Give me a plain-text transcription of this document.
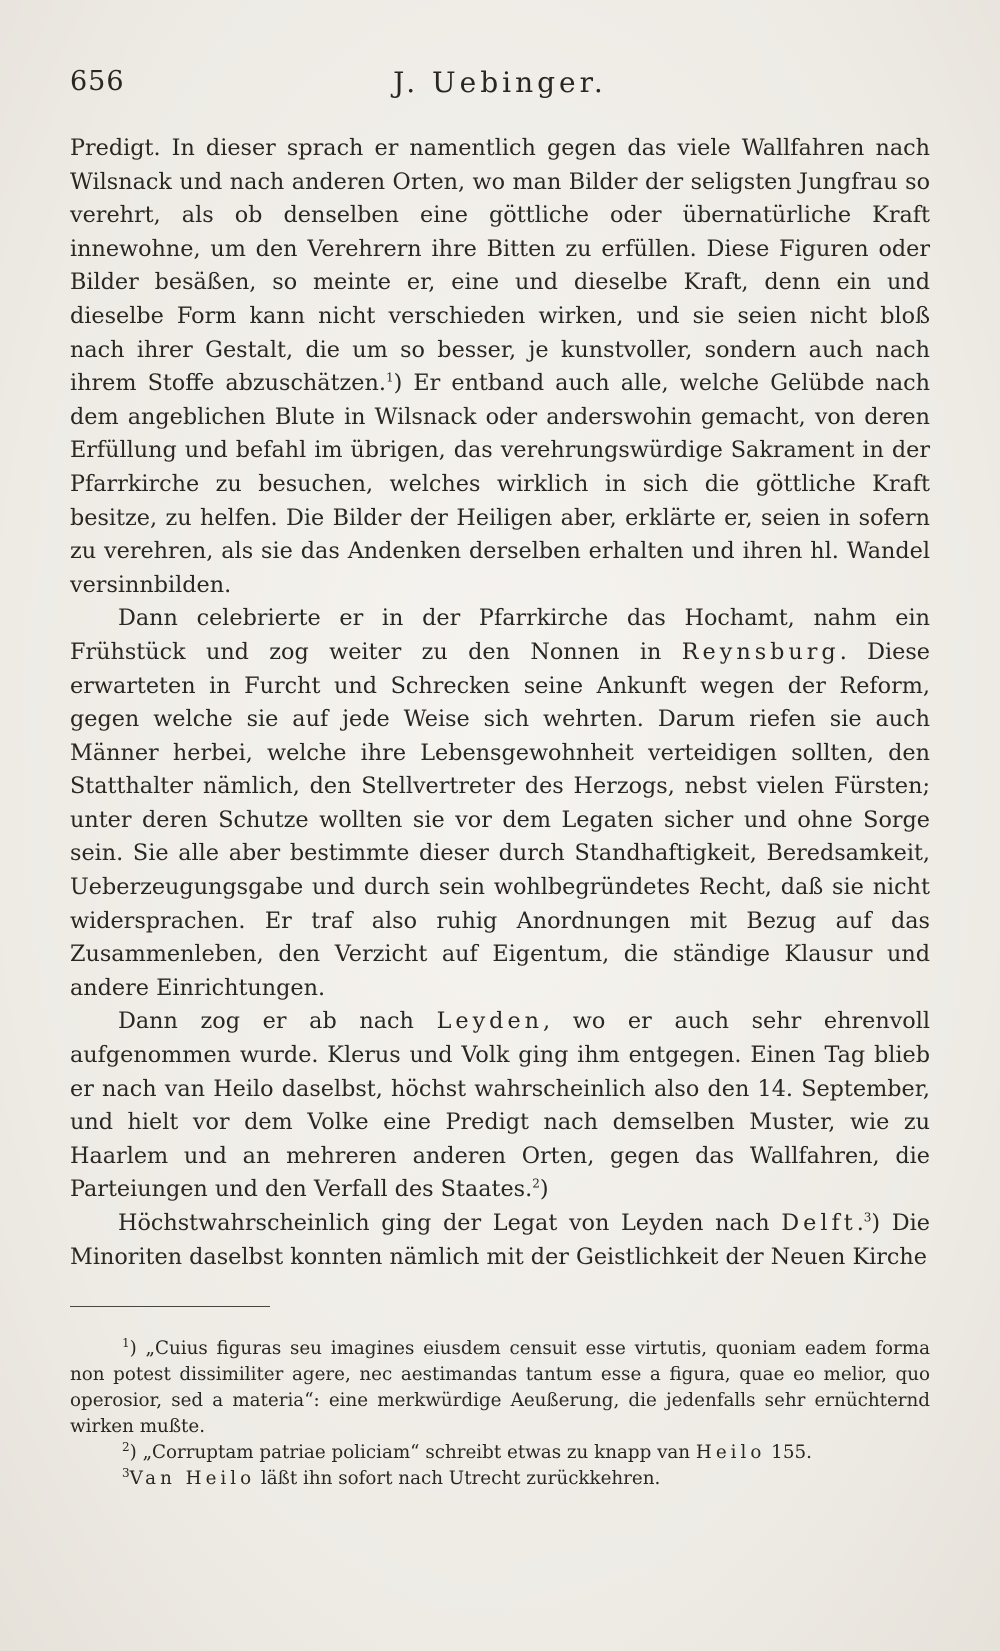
656	J. Uebinger.

Predigt. In dieser sprach er namentlich gegen das viele Wallfahren nach Wilsnack und nach anderen Orten, wo man Bilder der seligsten Jungfrau so verehrt, als ob denselben eine göttliche oder übernatürliche Kraft innewohne, um den Verehrern ihre Bitten zu erfüllen. Diese Figuren oder Bilder besäßen, so meinte er, eine und dieselbe Kraft, denn ein und dieselbe Form kann nicht verschieden wirken, und sie seien nicht bloß nach ihrer Gestalt, die um so besser, je kunstvoller, sondern auch nach ihrem Stoffe abzuschätzen.$^1$) Er entband auch alle, welche Gelübde nach dem angeblichen Blute in Wilsnack oder anderswohin gemacht, von deren Erfüllung und befahl im übrigen, das verehrungswürdige Sakrament in der Pfarrkirche zu besuchen, welches wirklich in sich die göttliche Kraft besitze, zu helfen. Die Bilder der Heiligen aber, erklärte er, seien in sofern zu verehren, als sie das Andenken derselben erhalten und ihren hl. Wandel versinnbilden.

Dann celebrierte er in der Pfarrkirche das Hochamt, nahm ein Frühstück und zog weiter zu den Nonnen in Reynsburg. Diese erwarteten in Furcht und Schrecken seine Ankunft wegen der Reform, gegen welche sie auf jede Weise sich wehrten. Darum riefen sie auch Männer herbei, welche ihre Lebensgewohnheit verteidigen sollten, den Statthalter nämlich, den Stellvertreter des Herzogs, nebst vielen Fürsten; unter deren Schutze wollten sie vor dem Legaten sicher und ohne Sorge sein. Sie alle aber bestimmte dieser durch Standhaftigkeit, Beredsamkeit, Ueberzeugungsgabe und durch sein wohlbegründetes Recht, daß sie nicht widersprachen. Er traf also ruhig Anordnungen mit Bezug auf das Zusammenleben, den Verzicht auf Eigentum, die ständige Klausur und andere Einrichtungen.

Dann zog er ab nach Leyden, wo er auch sehr ehrenvoll aufgenommen wurde. Klerus und Volk ging ihm entgegen. Einen Tag blieb er nach van Heilo daselbst, höchst wahrscheinlich also den 14. September, und hielt vor dem Volke eine Predigt nach demselben Muster, wie zu Haarlem und an mehreren anderen Orten, gegen das Wallfahren, die Parteiungen und den Verfall des Staates.$^2$)

Höchstwahrscheinlich ging der Legat von Leyden nach Delft.$^3$) Die Minoriten daselbst konnten nämlich mit der Geistlichkeit der Neuen Kirche

$^1$) „Cuius figuras seu imagines eiusdem censuit esse virtutis, quoniam eadem forma non potest dissimiliter agere, nec aestimandas tantum esse a figura, quae eo melior, quo operosior, sed a materia“: eine merkwürdige Aeußerung, die jedenfalls sehr ernüchternd wirken mußte.

$^2$) „Corruptam patriae policiam“ schreibt etwas zu knapp van Heilo 155.

$^3$Van Heilo läßt ihn sofort nach Utrecht zurückkehren.
